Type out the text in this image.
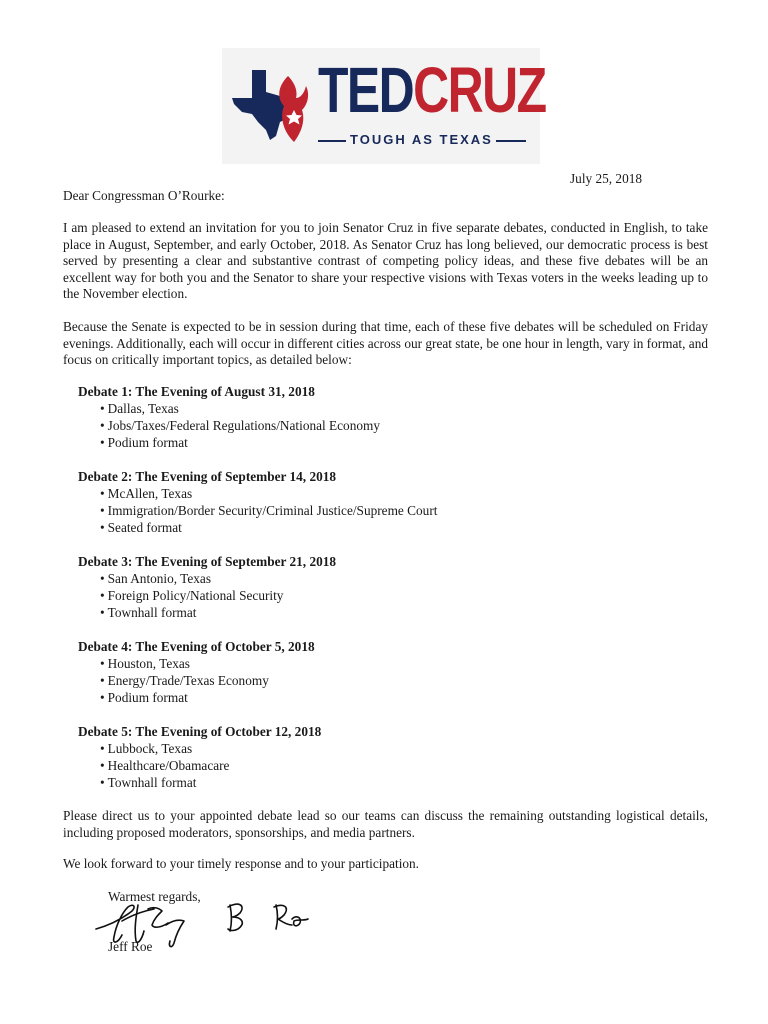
TEDCRUZ
TOUGH AS TEXAS

July 25, 2018

Dear Congressman O’Rourke:

I am pleased to extend an invitation for you to join Senator Cruz in five separate debates, conducted in English, to take place in August, September, and early October, 2018. As Senator Cruz has long believed, our democratic process is best served by presenting a clear and substantive contrast of competing policy ideas, and these five debates will be an excellent way for both you and the Senator to share your respective visions with Texas voters in the weeks leading up to the November election.

Because the Senate is expected to be in session during that time, each of these five debates will be scheduled on Friday evenings. Additionally, each will occur in different cities across our great state, be one hour in length, vary in format, and focus on critically important topics, as detailed below:

Debate 1: The Evening of August 31, 2018

• Dallas, Texas
• Jobs/Taxes/Federal Regulations/National Economy
• Podium format

Debate 2: The Evening of September 14, 2018

• McAllen, Texas
• Immigration/Border Security/Criminal Justice/Supreme Court
• Seated format

Debate 3: The Evening of September 21, 2018

• San Antonio, Texas
• Foreign Policy/National Security
• Townhall format

Debate 4: The Evening of October 5, 2018

• Houston, Texas
• Energy/Trade/Texas Economy
• Podium format

Debate 5: The Evening of October 12, 2018

• Lubbock, Texas
• Healthcare/Obamacare
• Townhall format

Please direct us to your appointed debate lead so our teams can discuss the remaining outstanding logistical details, including proposed moderators, sponsorships, and media partners.

We look forward to your timely response and to your participation.

Warmest regards,

Jeff Roe
